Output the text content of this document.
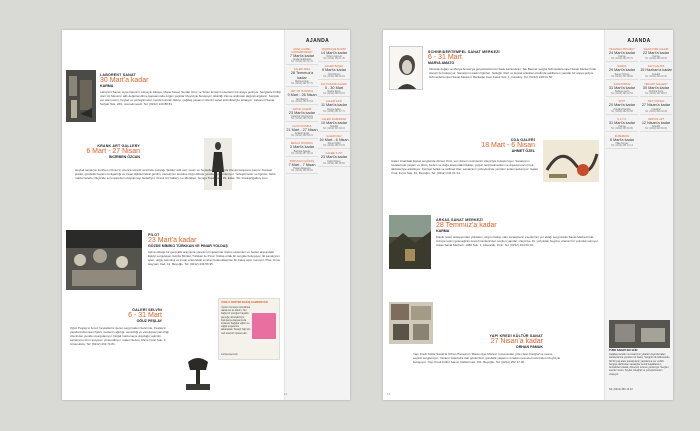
LABORENT SANAT
30 Mart'a kadar
KARMA
Laborent Sanat, Ayşe Demirci, Hüseyin Alkaya, Murat Kaval, Serdar Oruç ve Sinan Ermiş'in eserlerini bir araya getiriyor. Sergilerle birliği olan 'üç Mevsim' adlı değerlendirme kapsamında özgün yapıtlar izleyiciyle buluşuyor. Ekinliği izleme ardından dağınık algılanır. Sergide yer alan resim, heykel ve yerleştirmeler, kentle kurulan ilişkiyi, çağdaş yaşamın izlerini sanat sözcükleriyle anlatıyor. Laborent Sanat, Sofyalı Sok. 22/1, Asmalımescit. Tel: (0212) 243 88 81.
KRANK ART GALLERY
6 Mart - 27 Nisan
İNCİRBEN ÖZCAN
Heykel sanatçısı İncirben Özcan'ın uzunca süredir üzerinde çalıştığı 'Şiddet' adlı seri, resim ve heykeller aracılığıyla izleyici karşısına çıkıyor. Kentsel şiddet, gündelik hayatın kırılganlığı ve insan ilişkilerindeki gerilim, sanatçının kendine özgü dilinde yeniden yorumlanıyor. Yerleştirmeler ve figürler, farklı malzemelerle izleyicide soru işaretleri oluşturmayı hedefliyor. Krank Art Gallery, Le Méridien, Gonga Topal Cad. 39, Etiler. Tel: krankartgallery.com
PİLOT
23 Mart'a kadar
GÖZDE MİMİKO TÜRKKAN VE PINAR YOLDAŞ
Aşina olduğu bir gerçeklik arayışına yönelen projelerinde üretim sistemleri ve beden arasındaki ilişkiyi sorgulayan Gözde Mimiko Türkkan ile Pınar Yoldaş ortak bir sergide buluşuyor. İki sanatçının işleri, doğa, teknoloji ve insan arasındaki sınırları bulanıklaştıran bir bakış açısı sunuyor. Pilot, Ömer Hayyam Cad. 12, Beyoğlu. Tel: (0212) 249 56 95.
GALERİ SELVİN
6 - 31 Mart
OĞUZ PEŞLAY
Oğuz Peşlay'ın bronz heykellerini içeren sergi Galeri Selvin'de. Peşlay'ın yapıtlarında insan figürü; bedenin ağırlığı, sessizliği ve varoluşsal yalnızlığı üzerinden yeniden kurgulanıyor. Doğal malzemeye duyduğu yakınlık, sanatçının form arayışını yönlendiriyor. Galeri Selvin, Ahmet Gün Sok. 3, Arnavutköy. Tel: (0212) 263 74 81.
ZORLU CENTER BAĞIŞ KAMPANYASI
Yardım Kuruluşu Gönüllüsü olarak siz de katılın. Her bağış bir çocuğun hayalini gerçeğe dönüştürüyor. Kampanya kapsamında toplanan bağışlar eğitim ve sağlık projelerine aktarılacak. Detaylı bilgi için web sitemizi ziyaret edin.
zorlucenter.com
AJANDA
ANNA LAUDEL CONTEMPORARY
7 Mart'a kadar
Jordan Eddington
Tel: (0212) 243 31 31
GALERİ APEL
28 Temmuz'a kadar
Mehmet Gün
Tel: (0212) 292 57 70
ART ON ISTANBUL
9 Mart - 26 Nisan
Alix Barbey
Tel: (0212) 252 13 54
ARTON GALERİ
23 Mart'a kadar
Katerina Vincourová
Tel: (0212) 266 79 03
ALAN İSTANBUL
21 Mart - 27 Nisan
Ali Emir Ergin
Tel: (0212) 252 83 21
BERLIN İSTANBUL
3 Mart'a kadar
Barbara Stauss
Tel: (0212) 257 00 41
BORUSAN ÇAĞDAŞ
7 Mart - 7 Nisan
Hasan Aksaygın
Tel: (0212) 334 04 00
DOMINIQUE MARSH
14 Mart'a kadar
Özlem Günyol
Tel: (0212) 251 11 45
GALERİ BAŞAK
9 Mart'a kadar
Ümit Dinçer
Tel: (0212) 252 92 91
EVLİYAZADE GALERİ
5 - 30 Mart
Nazire Ergin
Tel: (0212) 293 44 61
GALERİ EKSİ
11 Mart'a kadar
Duygu Aslan
Tel: (0212) 251 57 70
GALERİ ZİLBERMAN
10 Mart'a kadar
Kolektif
Tel: (0212) 243 33 10
GALERİ NEV
16 Mart - 6 Nisan
Ahmet Öğüt
Tel: (0212) 252 15 25
GALERİ X-IST
23 Mart'a kadar
Fahri Dinçer
Tel: (0212) 291 86 00
12
SCHNEIDERTEMPEL SANAT MERKEZİ
6 - 31 Mart
MARYA AMATO
Vilna'da doğan ve Marya Amato'ya gerçeküstücü bir ifade kazandıran 'Tek Başına' sergisi Schneidertempel Sanat Merkezi'nde izleyici ile buluşuyor. Sanatçının kadın figürleri, belleğin izleri ve kişisel anlatılar etrafında şekillenen yapıtlar bir araya geliyor. Schneidertempel Sanat Merkezi, Bankalar Cad. Felek Sok. 1, Karaköy. Tel: (0212) 249 01 50.
CDA GALERİ
18 Mart - 6 Nisan
AHMET ÖZEL
Galeri Ünal'daki kişisel sergisinde Ahmet Özel, son dönem resimlerini izleyiciyle buluşturuyor. Sanatçının tuvallerinde yaşam ve ölüm, beden ve doğa arasındaki ilişkiler, yoğun renk katmanları ve dışavurumcu fırça darbeleriyle anlatılıyor. Kentsel bellek ve tarihsel izler, sanatçının yüzeylerinde yeniden anlam kazanıyor. Galeri Ünal, Fıçıcı Sok. 10, Beyoğlu. Tel: (0212) 244 01 34.
ARKAS SANAT MERKEZİ
28 Temmuz'a kadar
KARMA
Klasik resim anlayışından yükselen, özgün bakışı olan sanatçıların eserlerinin yer aldığı sergi Arkas Sanat Merkezi'nde. Avrupa resim geleneğinin önemli isimlerinden seçilen yapıtlar, izleyiciye 16. yüzyıldan bugüne uzanan bir yolculuk sunuyor. Arkas Sanat Merkezi, 1380 Sok. 1, Alsancak, İzmir. Tel: (0232) 464 66 00.
YAPI KREDİ KÜLTÜR SANAT
27 Nisan'a kadar
ORHAN PAMUK
Yapı Kredi Kültür Sanat'ta Orhan Pamuk'un 'Masumiyet Müzesi' romanından yola çıkan fotoğraf ve nesne seçkisi sergileniyor. Yazarın İstanbul'a dair gözlemleri, gündelik yaşamın sıradan nesneleri üzerinden izleyiciyle buluşuyor. Yapı Kredi Kültür Sanat, İstiklal Cad. 161, Beyoğlu. Tel: (0212) 252 47 00.
AJANDA
PİLEVNELİ PROJECT
24 Mart'a kadar
Karma
Tel: (0212) 252 55 70
RAMPA
29 Mart'a kadar
Şener Özmen
Tel: (0212) 327 08 00
SANATORIUM
31 Mart'a kadar
Stefano Cerio
Tel: (0212) 293 10 56
SPOT
20 Mart'a kadar
Fotoğraf Sergisi
Tel: (0212) 292 01 88
Ş.A.T.S.
31 Mart'a kadar
Karma
Tel: (0212) 258 81 80
ZİLBERMAN
6 Mart'a kadar
Hale Tenger
Tel: (0212) 251 12 14
SİGNATURE GALERİ
22 Mart'a kadar
Karma
Tel: (0212) 259 93 00
SALT GALATA
15 Haziran'a kadar
Kolektif
Tel: (0212) 334 22 00
TEM ART GALLERY
30 Mart'a kadar
Ali Rıza Kuzu
Tel: (0212) 227 08 07
TAFT KÖKSAL
27 Nisan'a kadar
Fotoğraf
Tel: (0212) 249 33 48
VERSUS ART
12 Nisan'a kadar
Kolektif
Tel: (0212) 219 56 00
TÜRK SANATI BU GÜN
Çağdaş sanatın ve tasarımın yıllardır dışında kalan sanatçılarına yeniden bir bakış. Serginin ilk bölümünde 30-50 yaş arası sanatçıların yapıtlarına yer verildi. Sergiye dahil olan sanatçılar kendi kuşaklarının temsilcileri olarak, dönemin ruhunu yansıtıyor. Seçilen eserler resim, heykel, fotoğraf ve yerleştirmeden oluşuyor.
Tel: (0212) 393 14 43
13
